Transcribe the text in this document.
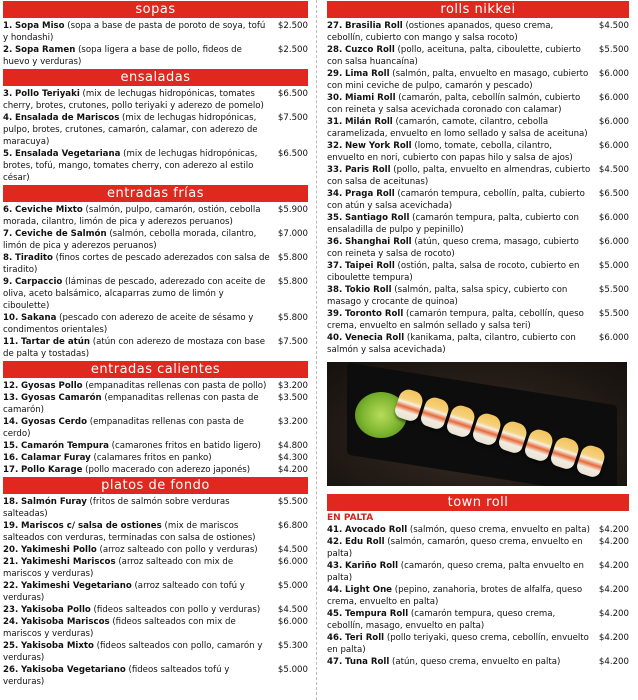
sopas
1. Sopa Miso (sopa a base de pasta de poroto de soya, tofú y hondashi)
$2.500
2. Sopa Ramen (sopa ligera a base de pollo, fideos de huevo y verduras)
$2.500
ensaladas
3. Pollo Teriyaki (mix de lechugas hidropónicas, tomates cherry, brotes, crutones, pollo teriyaki y aderezo de pomelo)
$6.500
4. Ensalada de Mariscos (mix de lechugas hidropónicas, pulpo, brotes, crutones, camarón, calamar, con aderezo de maracuya)
$7.500
5. Ensalada Vegetariana (mix de lechugas hidropónicas, brotes, tofú, mango, tomates cherry, con aderezo al estilo césar)
$6.500
entradas frías
6. Ceviche Mixto (salmón, pulpo, camarón, ostión, cebolla morada, cilantro, limón de pica y aderezos peruanos)
$5.900
7. Ceviche de Salmón (salmón, cebolla morada, cilantro, limón de pica y aderezos peruanos)
$7.000
8. Tiradito (finos cortes de pescado aderezados con salsa de tiradito)
$5.800
9. Carpaccio (láminas de pescado, aderezado con aceite de oliva, aceto balsámico, alcaparras zumo de limón y ciboulette)
$5.800
10. Sakana (pescado con aderezo de aceite de sésamo y condimentos orientales)
$5.800
11. Tartar de atún (atún con aderezo de mostaza con base de palta y tostadas)
$7.500
entradas calientes
12. Gyosas Pollo (empanaditas rellenas con pasta de pollo)	$3.200
13. Gyosas Camarón (empanaditas rellenas con pasta de camarón)
$3.500
14. Gyosas Cerdo (empanaditas rellenas con pasta de cerdo)
$3.200
15. Camarón Tempura (camarones fritos en batido ligero)	$4.800
16. Calamar Furay (calamares fritos en panko)	$4.300
17. Pollo Karage (pollo macerado con aderezo japonés)	$4.200
platos de fondo
18. Salmón Furay (fritos de salmón sobre verduras salteadas)
$5.500
19. Mariscos c/ salsa de ostiones (mix de mariscos salteados con verduras, terminadas con salsa de ostiones)
$6.800
20. Yakimeshi Pollo (arroz salteado con pollo y verduras)	$4.500
21. Yakimeshi Mariscos (arroz salteado con mix de mariscos y verduras)
$6.000
22. Yakimeshi Vegetariano (arroz salteado con tofú y verduras)
$5.000
23. Yakisoba Pollo (fideos salteados con pollo y verduras)	$4.500
24. Yakisoba Mariscos (fideos salteados con mix de mariscos y verduras)
$6.000
25. Yakisoba Mixto (fideos salteados con pollo, camarón y verduras)
$5.300
26. Yakisoba Vegetariano (fideos salteados tofú y verduras)
$5.000
rolls nikkei
27. Brasilia Roll (ostiones apanados, queso crema, cebollín, cubierto con mango y salsa rocoto)
$4.500
28. Cuzco Roll (pollo, aceituna, palta, ciboulette, cubierto con salsa huancaína)
$5.500
29. Lima Roll (salmón, palta, envuelto en masago, cubierto con mini ceviche de pulpo, camarón y pescado)
$6.000
30. Miami Roll (camarón, palta, cebollín salmón, cubierto con reineta y salsa acevichada coronado con calamar)
$6.000
31. Milán Roll (camarón, camote, cilantro, cebolla caramelizada, envuelto en lomo sellado y salsa de aceituna)
$6.000
32. New York Roll (lomo, tomate, cebolla, cilantro, envuelto en nori, cubierto con papas hilo y salsa de ajos)
$6.000
33. Paris Roll (pollo, palta, envuelto en almendras, cubierto con salsa de aceitunas)
$4.500
34. Praga Roll (camarón tempura, cebollín, palta, cubierto con atún y salsa acevichada)
$6.500
35. Santiago Roll (camarón tempura, palta, cubierto con ensaladilla de pulpo y pepinillo)
$6.000
36. Shanghai Roll (atún, queso crema, masago, cubierto con reineta y salsa de rocoto)
$6.000
37. Taipei Roll (ostión, palta, salsa de rocoto, cubierto en ciboulette tempura)
$5.000
38. Tokio Roll (salmón, palta, salsa spicy, cubierto con masago y crocante de quinoa)
$5.500
39. Toronto Roll (camarón tempura, palta, cebollín, queso crema, envuelto en salmón sellado y salsa teri)
$5.500
40. Venecia Roll (kanikama, palta, cilantro, cubierto con salmón y salsa acevichada)
$6.000
town roll
EN PALTA
41. Avocado Roll (salmón, queso crema, envuelto en palta)	$4.200
42. Edu Roll (salmón, camarón, queso crema, envuelto en palta)
$4.200
43. Kariño Roll (camarón, queso crema, palta envuelto en palta)
$4.200
44. Light One (pepino, zanahoria, brotes de alfalfa, queso crema, envuelto en palta)
$4.200
45. Tempura Roll (camarón tempura, queso crema, cebollín, masago, envuelto en palta)
$4.200
46. Teri Roll (pollo teriyaki, queso crema, cebollín, envuelto en palta)
$4.200
47. Tuna Roll (atún, queso crema, envuelto en palta)	$4.200
